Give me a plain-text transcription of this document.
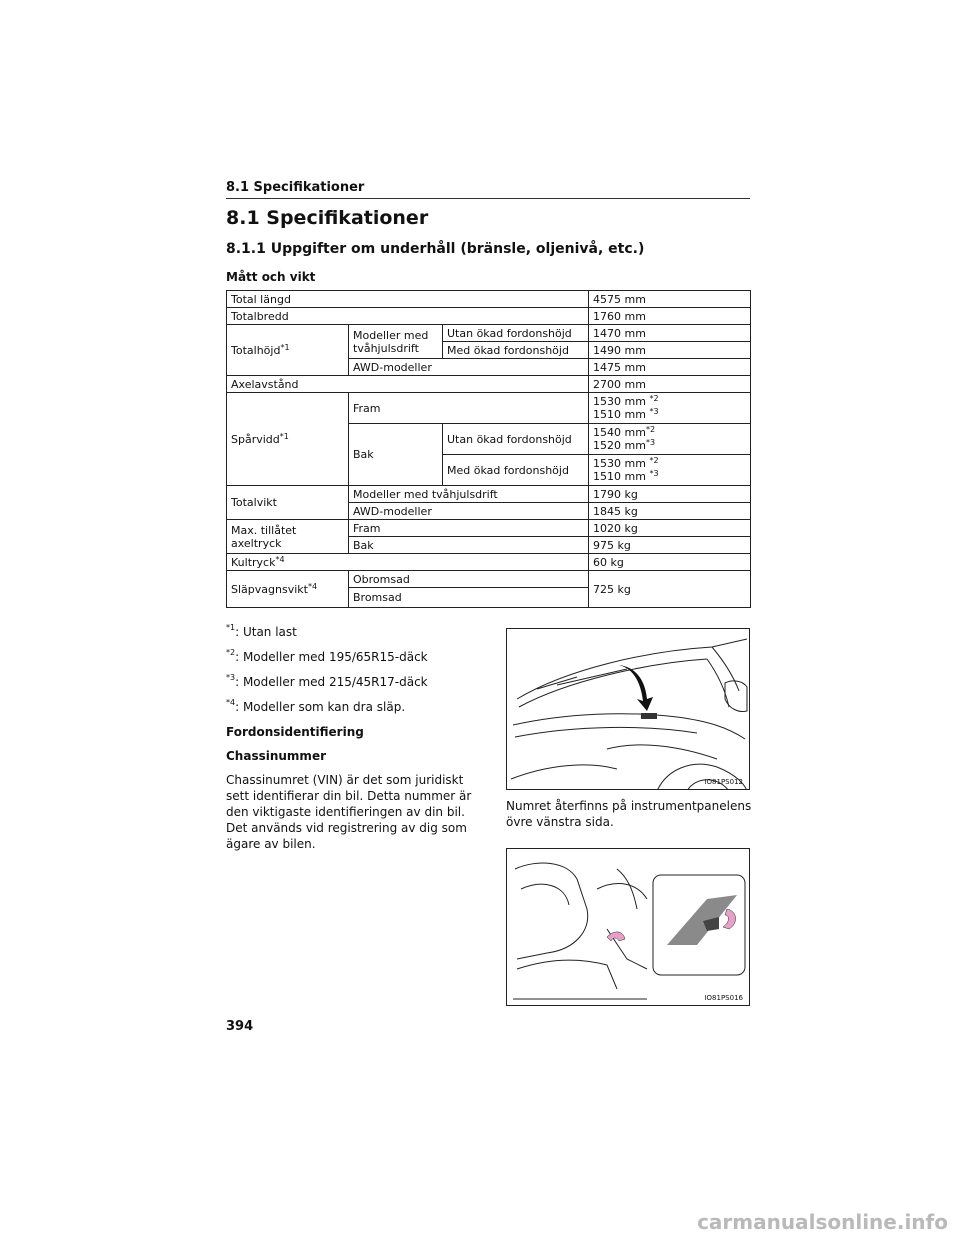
8.1 Specifikationer
8.1 Specifikationer
8.1.1 Uppgifter om underhåll (bränsle, oljenivå, etc.)
Mått och vikt
Total längd			4575 mm
Totalbredd			1760 mm
Totalhöjd$^{*1}$	Modeller med tvåhjulsdrift	Utan ökad fordonshöjd	1470 mm
		Med ökad fordonshöjd	1490 mm
	AWD-modeller		1475 mm
Axelavstånd			2700 mm
Spårvidd$^{*1}$	Fram		1530 mm $^{*2}$
1510 mm $^{*3}$
	Bak	Utan ökad fordonshöjd	1540 $mm^{*2}$
1520 $mm^{*3}$
		Med ökad fordonshöjd	1530 mm $^{*2}$
1510 mm $^{*3}$
Totalvikt	Modeller med tvåhjulsdrift		1790 kg
	AWD-modeller		1845 kg
Max. tillåtet axeltryck	Fram		1020 kg
	Bak		975 kg
Kultryck$^{*4}$			60 kg
Släpvagnsvikt$^{*4}$	Obromsad		725 kg
	Bromsad		
$^{*1}$: Utan last
$^{*2}$: Modeller med 195/65R15-däck
$^{*3}$: Modeller med 215/45R17-däck
$^{*4}$: Modeller som kan dra släp.
Fordonsidentifiering
Chassinummer
Chassinumret (VIN) är det som juridiskt sett identifierar din bil. Detta nummer är den viktigaste identifieringen av din bil. Det används vid registrering av dig som ägare av bilen.
IO81PS012
Numret återfinns på instrumentpanelens övre vänstra sida.
IO81PS016
394
carmanualsonline.info
